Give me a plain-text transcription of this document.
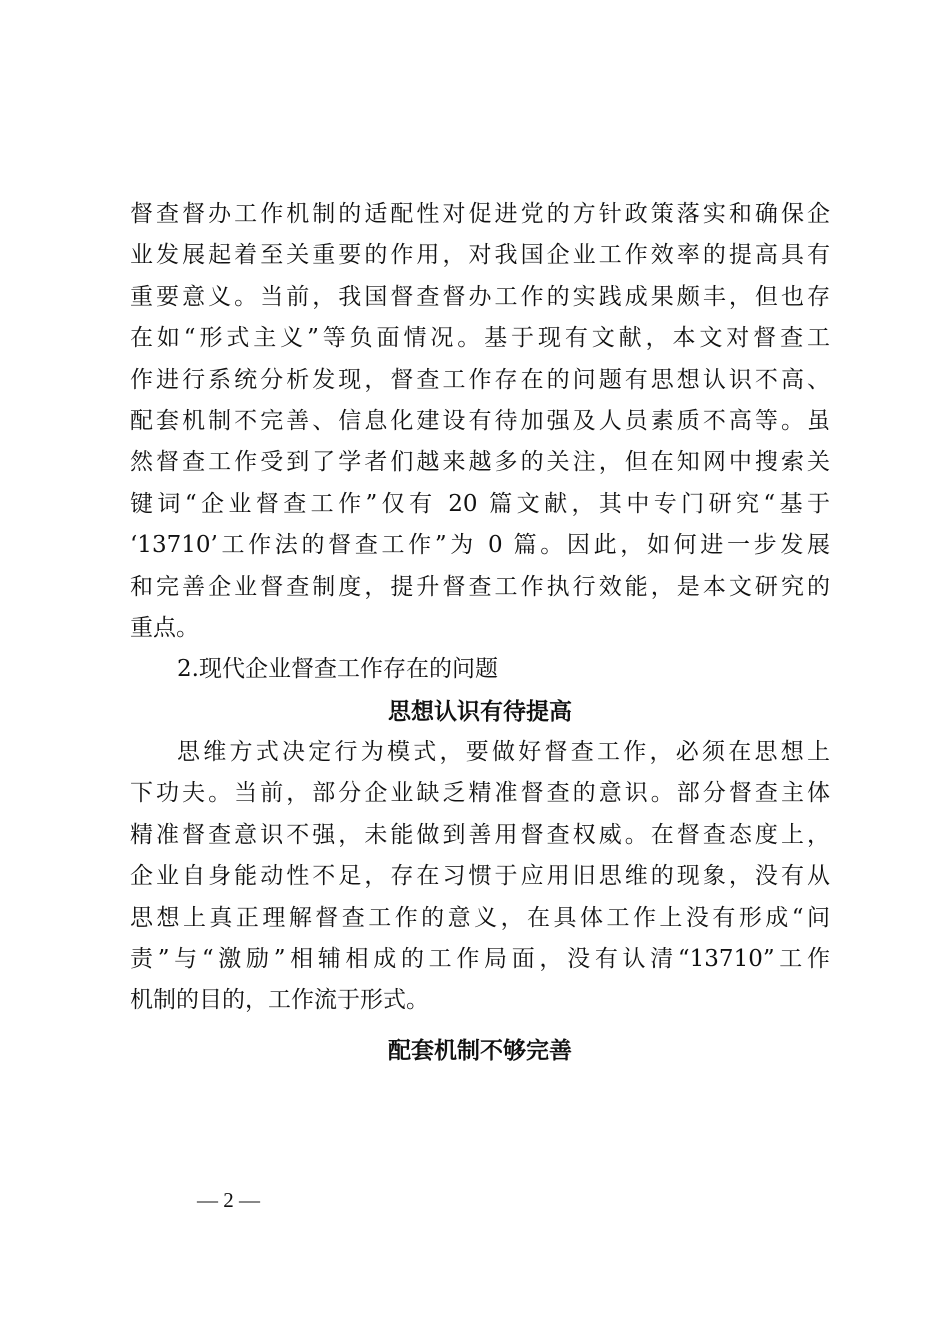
督查督办工作机制的适配性对促进党的方针政策落实和确保企
业发展起着至关重要的作用，对我国企业工作效率的提高具有
重要意义。当前，我国督查督办工作的实践成果颇丰，但也存
在如“形式主义”等负面情况。基于现有文献，本文对督查工
作进行系统分析发现，督查工作存在的问题有思想认识不高、
配套机制不完善、信息化建设有待加强及人员素质不高等。虽
然督查工作受到了学者们越来越多的关注，但在知网中搜索关
键词“企业督查工作”仅有 20 篇文献，其中专门研究“基于
‘13710’工作法的督查工作”为 0 篇。因此，如何进一步发展
和完善企业督查制度，提升督查工作执行效能，是本文研究的
重点。
2.现代企业督查工作存在的问题
思想认识有待提高
思维方式决定行为模式，要做好督查工作，必须在思想上
下功夫。当前，部分企业缺乏精准督查的意识。部分督查主体
精准督查意识不强，未能做到善用督查权威。在督查态度上，
企业自身能动性不足，存在习惯于应用旧思维的现象，没有从
思想上真正理解督查工作的意义，在具体工作上没有形成“问
责”与“激励”相辅相成的工作局面，没有认清“13710”工作
机制的目的，工作流于形式。
配套机制不够完善
— 2 —
